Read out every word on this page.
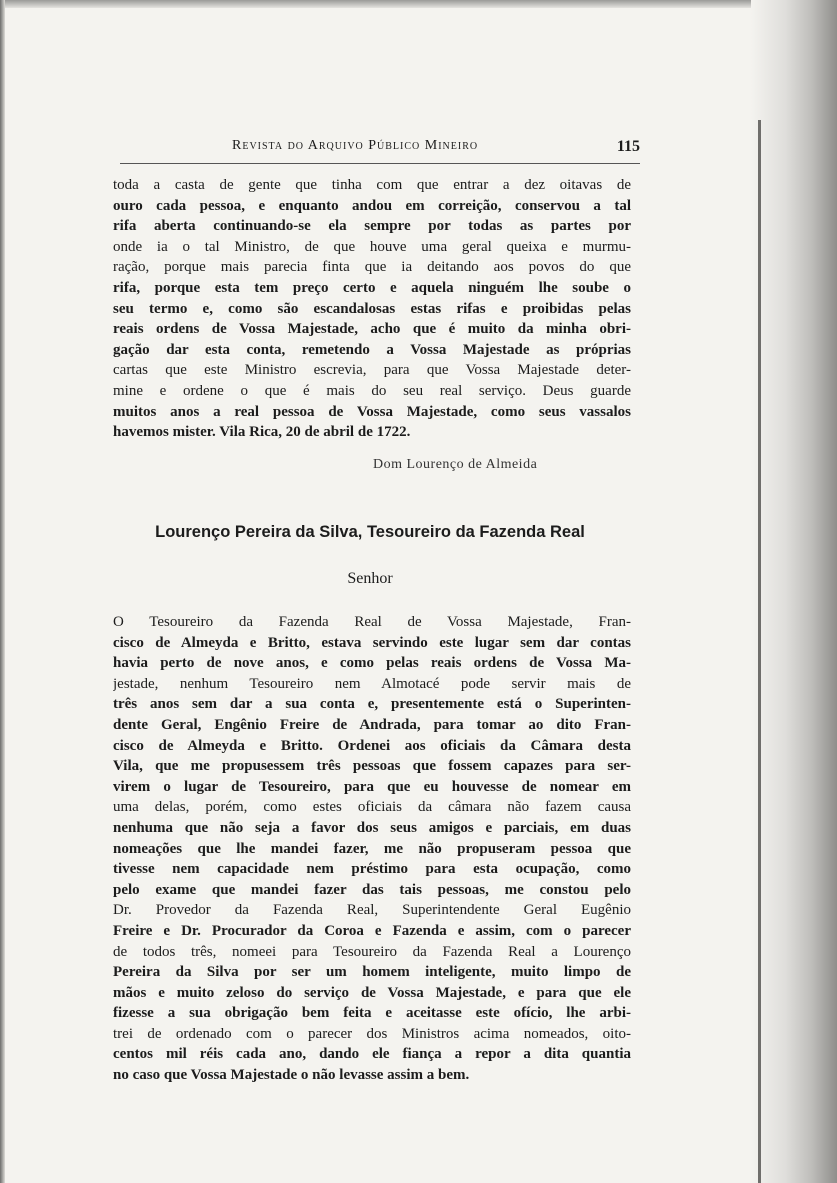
Revista do Arquivo Público Mineiro	115
toda a casta de gente que tinha com que entrar a dez oitavas de
ouro cada pessoa, e enquanto andou em correição, conservou a tal
rifa aberta continuando-se ela sempre por todas as partes por
onde ia o tal Ministro, de que houve uma geral queixa e murmu-
ração, porque mais parecia finta que ia deitando aos povos do que
rifa, porque esta tem preço certo e aquela ninguém lhe soube o
seu termo e, como são escandalosas estas rifas e proibidas pelas
reais ordens de Vossa Majestade, acho que é muito da minha obri-
gação dar esta conta, remetendo a Vossa Majestade as próprias
cartas que este Ministro escrevia, para que Vossa Majestade deter-
mine e ordene o que é mais do seu real serviço. Deus guarde
muitos anos a real pessoa de Vossa Majestade, como seus vassalos
havemos mister. Vila Rica, 20 de abril de 1722.
Dom Lourenço de Almeida
Lourenço Pereira da Silva, Tesoureiro da Fazenda Real
Senhor
O Tesoureiro da Fazenda Real de Vossa Majestade, Fran-
cisco de Almeyda e Britto, estava servindo este lugar sem dar contas
havia perto de nove anos, e como pelas reais ordens de Vossa Ma-
jestade, nenhum Tesoureiro nem Almotacé pode servir mais de
três anos sem dar a sua conta e, presentemente está o Superinten-
dente Geral, Engênio Freire de Andrada, para tomar ao dito Fran-
cisco de Almeyda e Britto. Ordenei aos oficiais da Câmara desta
Vila, que me propusessem três pessoas que fossem capazes para ser-
virem o lugar de Tesoureiro, para que eu houvesse de nomear em
uma delas, porém, como estes oficiais da câmara não fazem causa
nenhuma que não seja a favor dos seus amigos e parciais, em duas
nomeações que lhe mandei fazer, me não propuseram pessoa que
tivesse nem capacidade nem préstimo para esta ocupação, como
pelo exame que mandei fazer das tais pessoas, me constou pelo
Dr. Provedor da Fazenda Real, Superintendente Geral Eugênio
Freire e Dr. Procurador da Coroa e Fazenda e assim, com o parecer
de todos três, nomeei para Tesoureiro da Fazenda Real a Lourenço
Pereira da Silva por ser um homem inteligente, muito limpo de
mãos e muito zeloso do serviço de Vossa Majestade, e para que ele
fizesse a sua obrigação bem feita e aceitasse este ofício, lhe arbi-
trei de ordenado com o parecer dos Ministros acima nomeados, oito-
centos mil réis cada ano, dando ele fiança a repor a dita quantia
no caso que Vossa Majestade o não levasse assim a bem.
